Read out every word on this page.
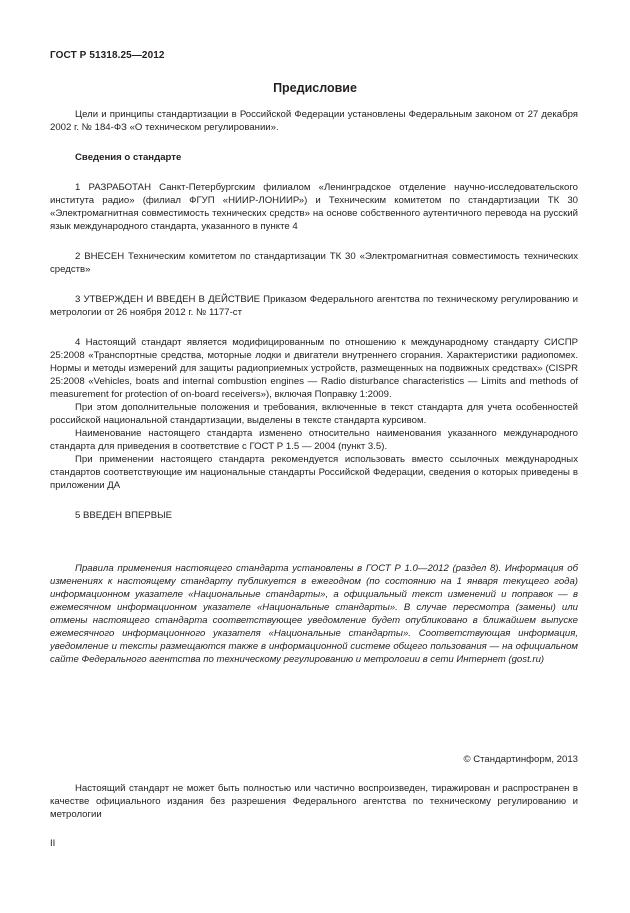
ГОСТ Р 51318.25—2012
Предисловие

Цели и принципы стандартизации в Российской Федерации установлены Федеральным законом от 27 декабря 2002 г. № 184-ФЗ «О техническом регулировании».

Сведения о стандарте

1 РАЗРАБОТАН Санкт-Петербургским филиалом «Ленинградское отделение научно-исследовательского института радио» (филиал ФГУП «НИИР-ЛОНИИР») и Техническим комитетом по стандартизации ТК 30 «Электромагнитная совместимость технических средств» на основе собственного аутентичного перевода на русский язык международного стандарта, указанного в пункте 4

2 ВНЕСЕН Техническим комитетом по стандартизации ТК 30 «Электромагнитная совместимость технических средств»

3 УТВЕРЖДЕН И ВВЕДЕН В ДЕЙСТВИЕ Приказом Федерального агентства по техническому регулированию и метрологии от 26 ноября 2012 г. № 1177-ст

4 Настоящий стандарт является модифицированным по отношению к международному стандарту СИСПР 25:2008 «Транспортные средства, моторные лодки и двигатели внутреннего сгорания. Характеристики радиопомех. Нормы и методы измерений для защиты радиоприемных устройств, размещенных на подвижных средствах» (CISPR 25:2008 «Vehicles, boats and internal combustion engines — Radio disturbance characteristics — Limits and methods of measurement for protection of on-board receivers»), включая Поправку 1:2009.

При этом дополнительные положения и требования, включенные в текст стандарта для учета особенностей российской национальной стандартизации, выделены в тексте стандарта курсивом.

Наименование настоящего стандарта изменено относительно наименования указанного международного стандарта для приведения в соответствие с ГОСТ Р 1.5 — 2004 (пункт 3.5).

При применении настоящего стандарта рекомендуется использовать вместо ссылочных международных стандартов соответствующие им национальные стандарты Российской Федерации, сведения о которых приведены в приложении ДА

5 ВВЕДЕН ВПЕРВЫЕ

Правила применения настоящего стандарта установлены в ГОСТ Р 1.0—2012 (раздел 8). Информация об изменениях к настоящему стандарту публикуется в ежегодном (по состоянию на 1 января текущего года) информационном указателе «Национальные стандарты», а официальный текст изменений и поправок — в ежемесячном информационном указателе «Национальные стандарты». В случае пересмотра (замены) или отмены настоящего стандарта соответствующее уведомление будет опубликовано в ближайшем выпуске ежемесячного информационного указателя «Национальные стандарты». Соответствующая информация, уведомление и тексты размещаются также в информационной системе общего пользования — на официальном сайте Федерального агентства по техническому регулированию и метрологии в сети Интернет (gost.ru)

© Стандартинформ, 2013

Настоящий стандарт не может быть полностью или частично воспроизведен, тиражирован и распространен в качестве официального издания без разрешения Федерального агентства по техническому регулированию и метрологии

II
